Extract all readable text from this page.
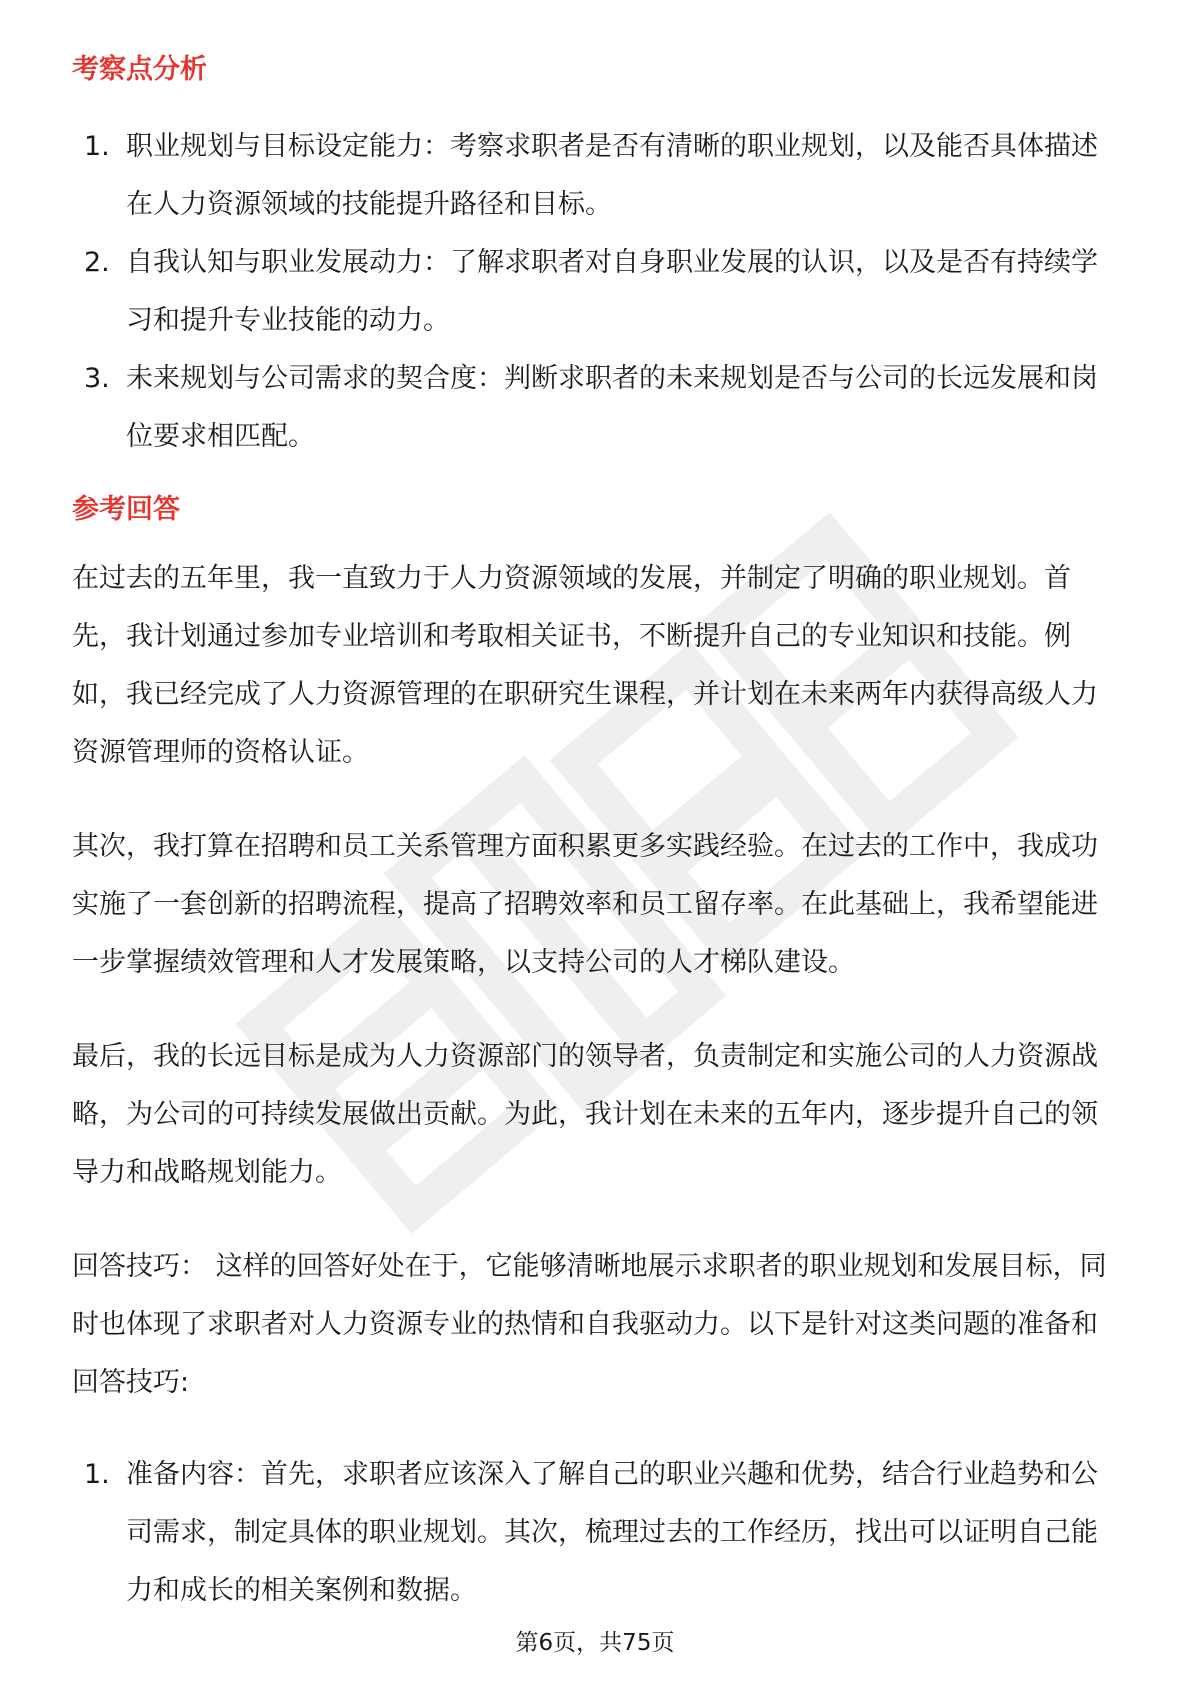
考察点分析
1. 职业规划与目标设定能力：考察求职者是否有清晰的职业规划，以及能否具体描述在人力资源领域的技能提升路径和目标。
2. 自我认知与职业发展动力：了解求职者对自身职业发展的认识，以及是否有持续学习和提升专业技能的动力。
3. 未来规划与公司需求的契合度：判断求职者的未来规划是否与公司的长远发展和岗位要求相匹配。
参考回答

在过去的五年里，我一直致力于人力资源领域的发展，并制定了明确的职业规划。首先，我计划通过参加专业培训和考取相关证书，不断提升自己的专业知识和技能。例如，我已经完成了人力资源管理的在职研究生课程，并计划在未来两年内获得高级人力资源管理师的资格认证。

其次，我打算在招聘和员工关系管理方面积累更多实践经验。在过去的工作中，我成功实施了一套创新的招聘流程，提高了招聘效率和员工留存率。在此基础上，我希望能进一步掌握绩效管理和人才发展策略，以支持公司的人才梯队建设。

最后，我的长远目标是成为人力资源部门的领导者，负责制定和实施公司的人力资源战略，为公司的可持续发展做出贡献。为此，我计划在未来的五年内，逐步提升自己的领导力和战略规划能力。

回答技巧： 这样的回答好处在于，它能够清晰地展示求职者的职业规划和发展目标，同时也体现了求职者对人力资源专业的热情和自我驱动力。以下是针对这类问题的准备和回答技巧:

1. 准备内容：首先，求职者应该深入了解自己的职业兴趣和优势，结合行业趋势和公司需求，制定具体的职业规划。其次，梳理过去的工作经历，找出可以证明自己能力和成长的相关案例和数据。
第6页，共75页
